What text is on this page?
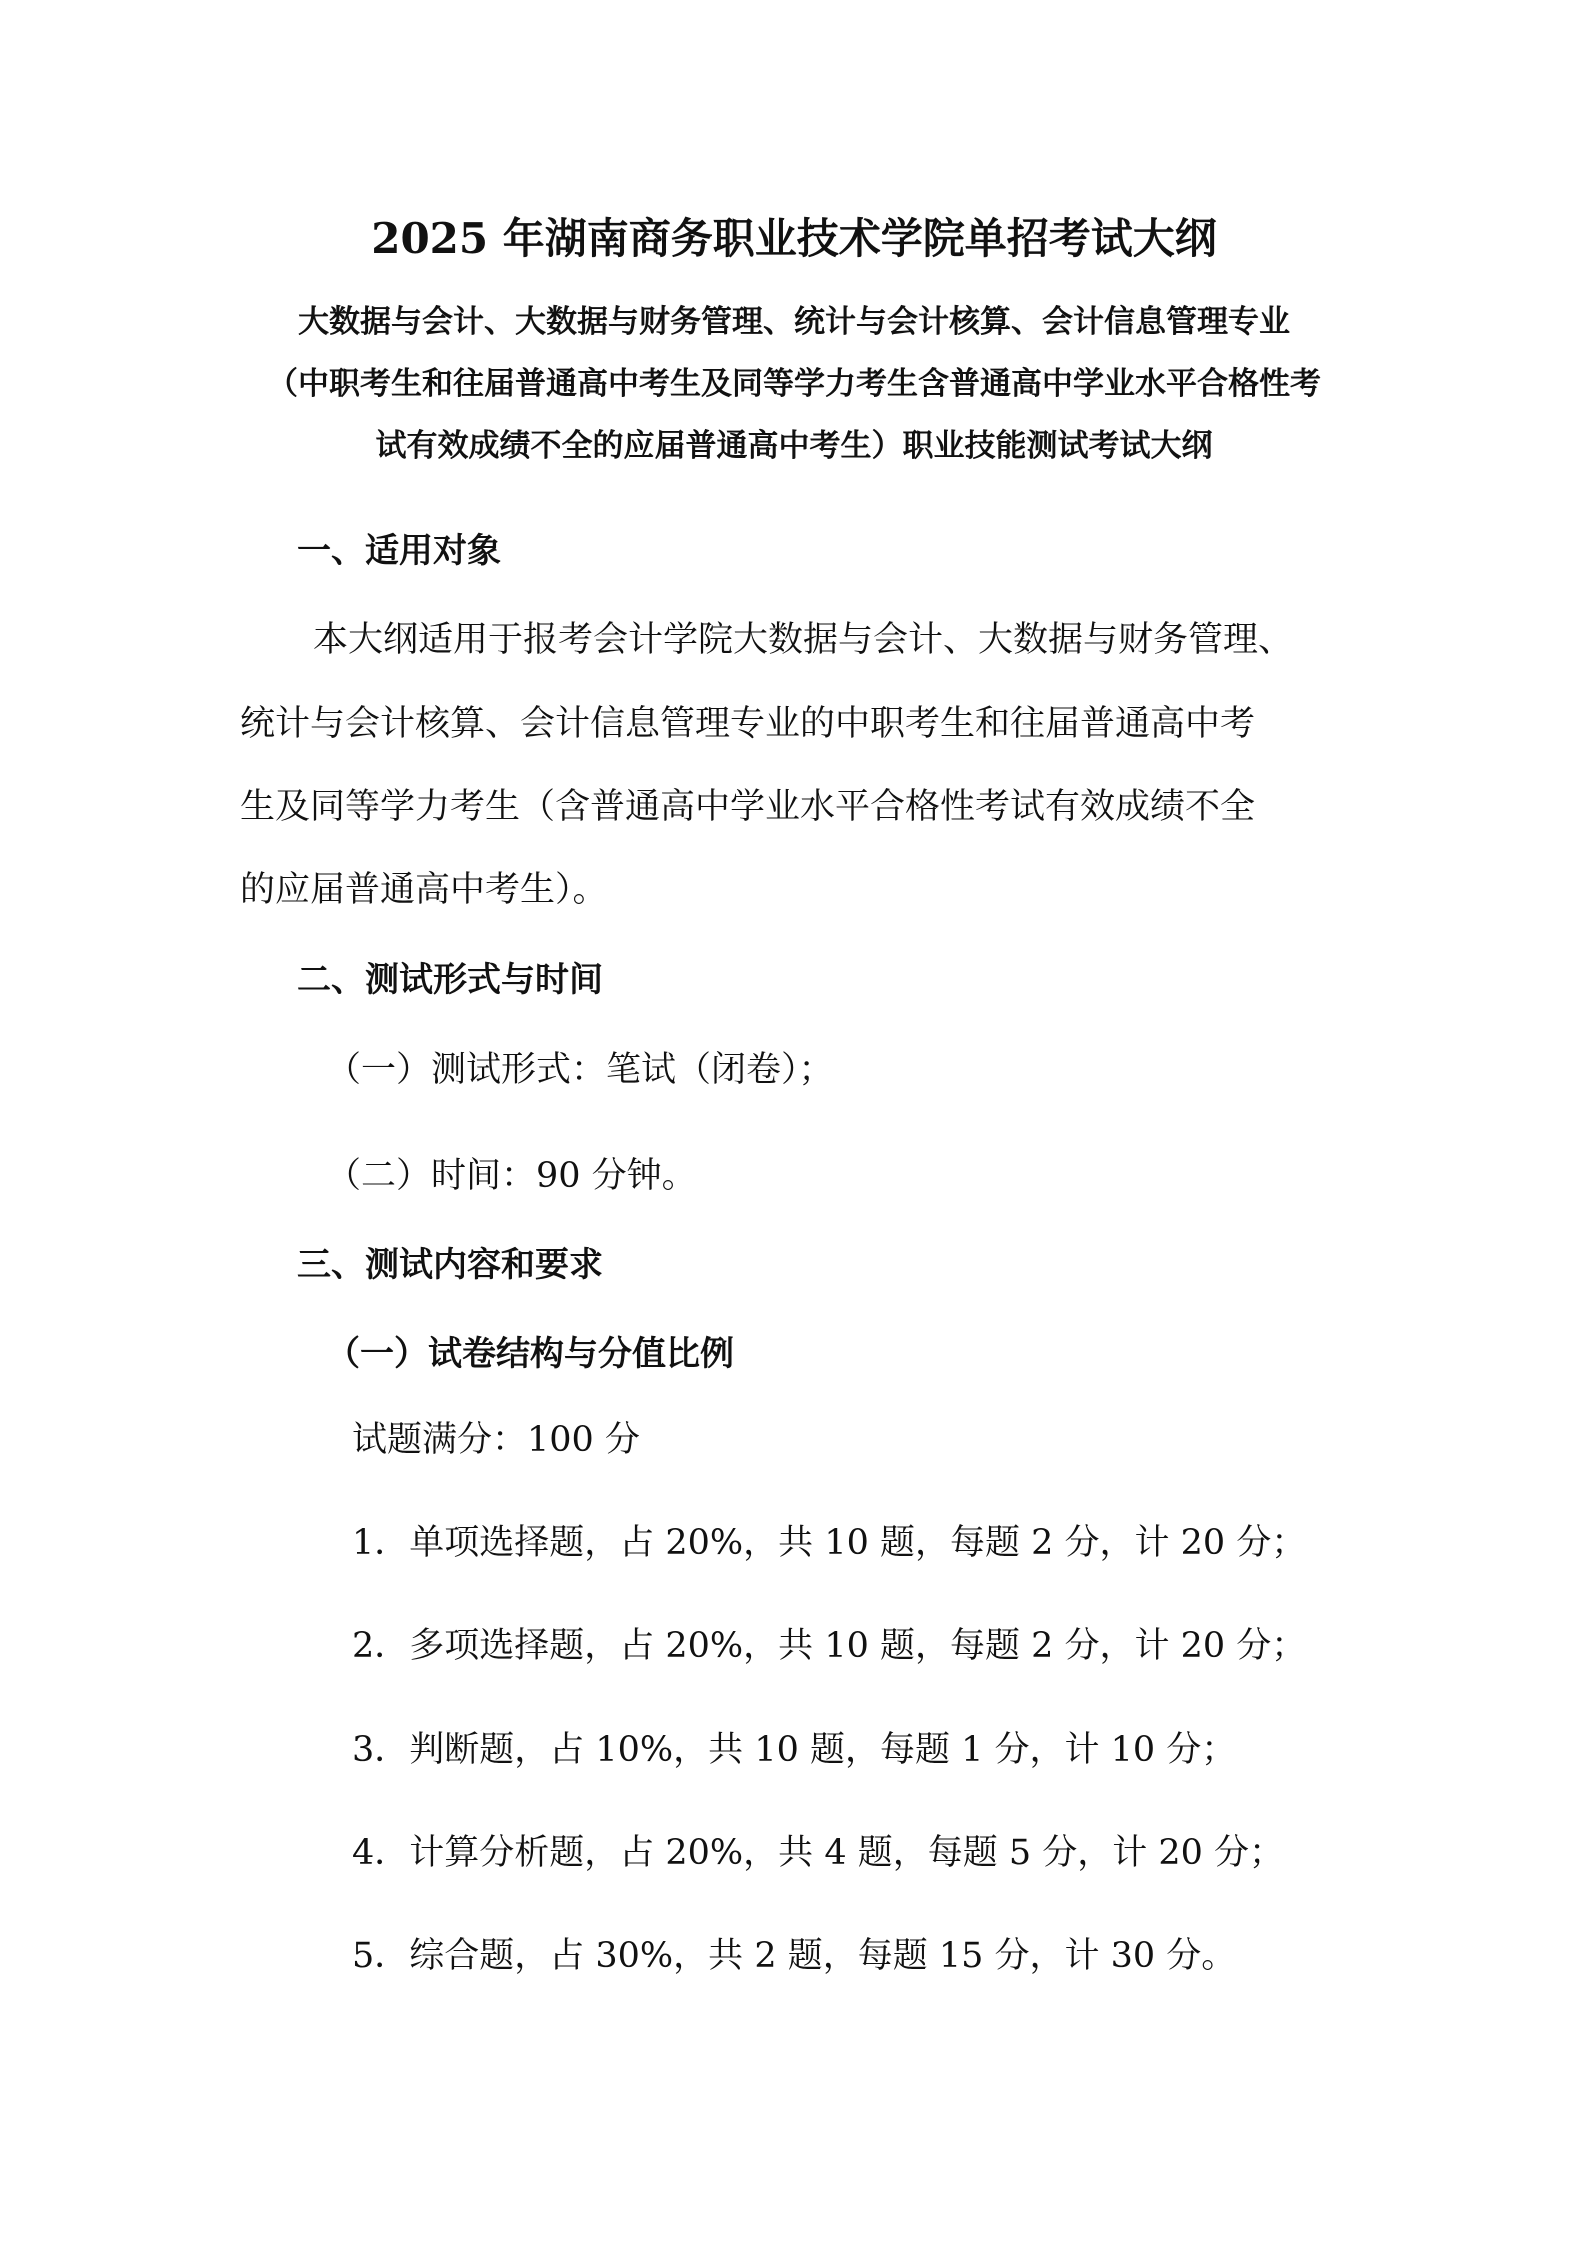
2025 年湖南商务职业技术学院单招考试大纲
大数据与会计、大数据与财务管理、统计与会计核算、会计信息管理专业
（中职考生和往届普通高中考生及同等学力考生含普通高中学业水平合格性考
试有效成绩不全的应届普通高中考生）职业技能测试考试大纲
一、适用对象
本大纲适用于报考会计学院大数据与会计、大数据与财务管理、
统计与会计核算、会计信息管理专业的中职考生和往届普通高中考
生及同等学力考生（含普通高中学业水平合格性考试有效成绩不全
的应届普通高中考生）。
二、测试形式与时间
（一）测试形式：笔试（闭卷）；
（二）时间：90 分钟。
三、测试内容和要求
（一）试卷结构与分值比例
试题满分：100 分
1．单项选择题，占 20%，共 10 题，每题 2 分，计 20 分；
2．多项选择题，占 20%，共 10 题，每题 2 分，计 20 分；
3．判断题，占 10%，共 10 题，每题 1 分，计 10 分；
4．计算分析题，占 20%，共 4 题，每题 5 分，计 20 分；
5．综合题，占 30%，共 2 题，每题 15 分，计 30 分。
